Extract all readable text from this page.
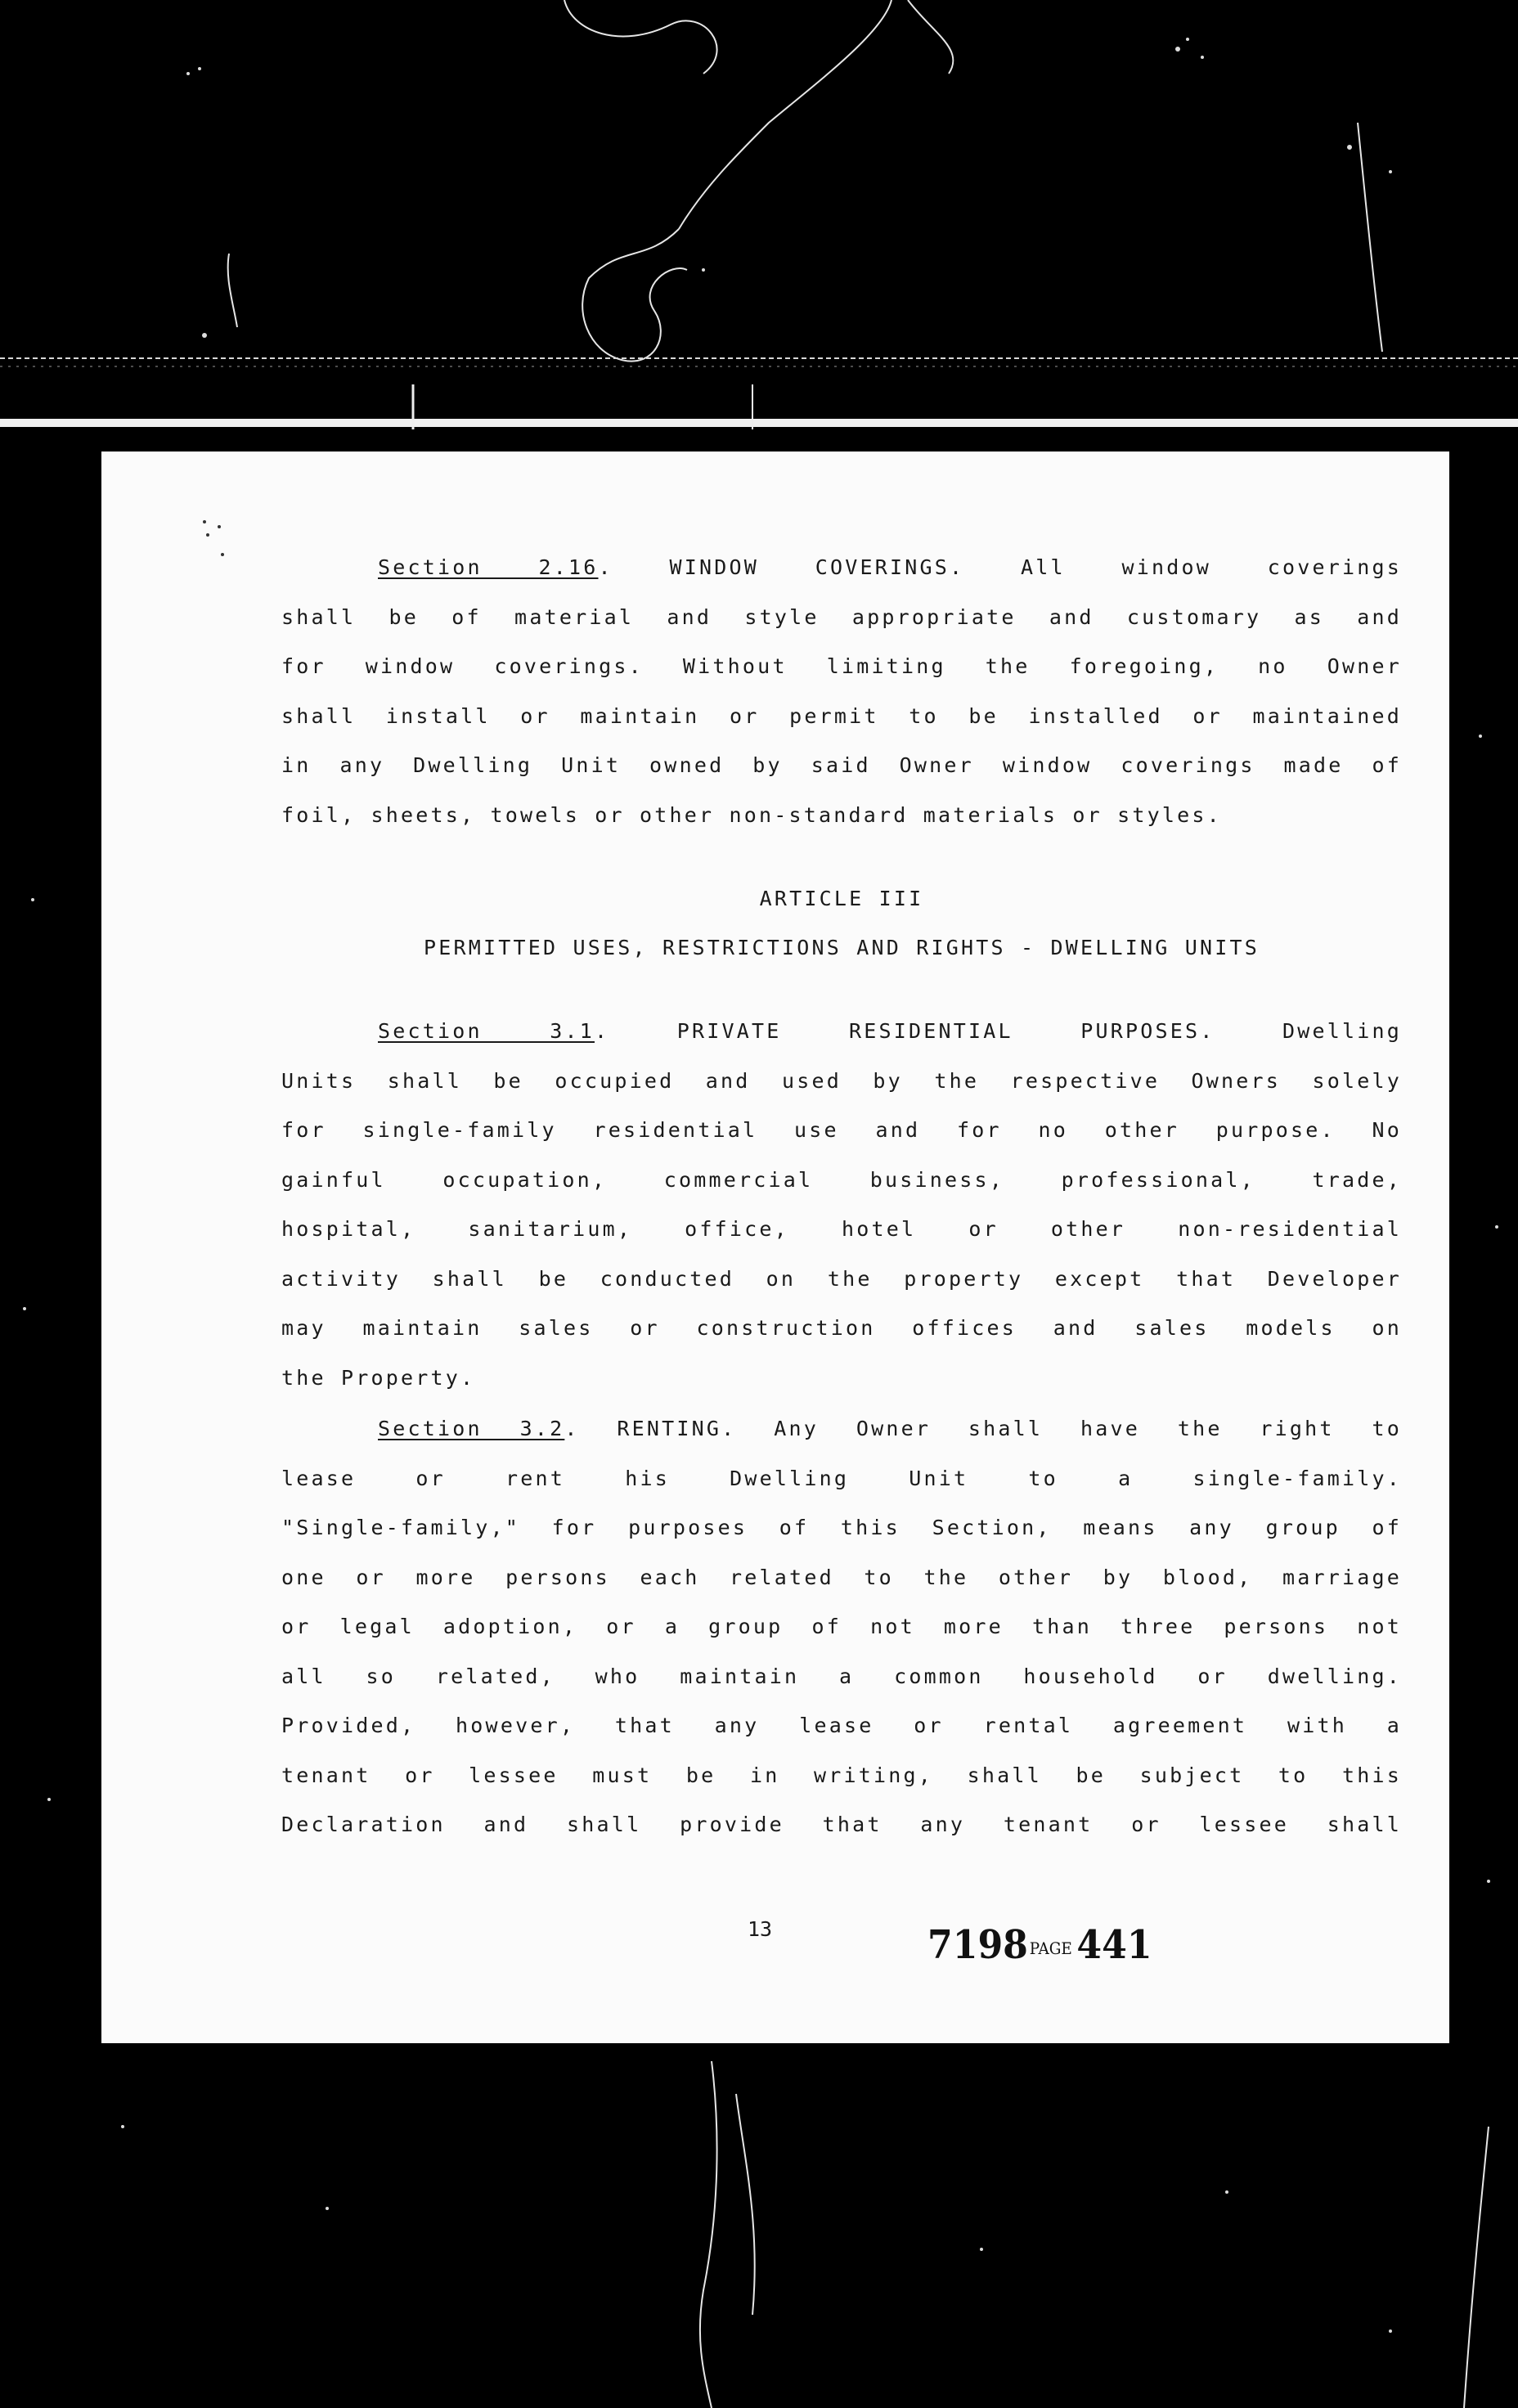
Section 2.16. WINDOW COVERINGS. All window coverings
shall be of material and style appropriate and customary as and
for window coverings. Without limiting the foregoing, no Owner
shall install or maintain or permit to be installed or maintained
in any Dwelling Unit owned by said Owner window coverings made of
foil, sheets, towels or other non-standard materials or styles.

ARTICLE III

PERMITTED USES, RESTRICTIONS AND RIGHTS - DWELLING UNITS

Section 3.1. PRIVATE RESIDENTIAL PURPOSES. Dwelling
Units shall be occupied and used by the respective Owners solely
for single-family residential use and for no other purpose. No
gainful occupation, commercial business, professional, trade,
hospital, sanitarium, office, hotel or other non-residential
activity shall be conducted on the property except that Developer
may maintain sales or construction offices and sales models on
the Property.

Section 3.2. RENTING. Any Owner shall have the right to
lease or rent his Dwelling Unit to a single-family.
"Single-family," for purposes of this Section, means any group of
one or more persons each related to the other by blood, marriage
or legal adoption, or a group of not more than three persons not
all so related, who maintain a common household or dwelling.
Provided, however, that any lease or rental agreement with a
tenant or lessee must be in writing, shall be subject to this
Declaration and shall provide that any tenant or lessee shall

13	7198PAGE 441
